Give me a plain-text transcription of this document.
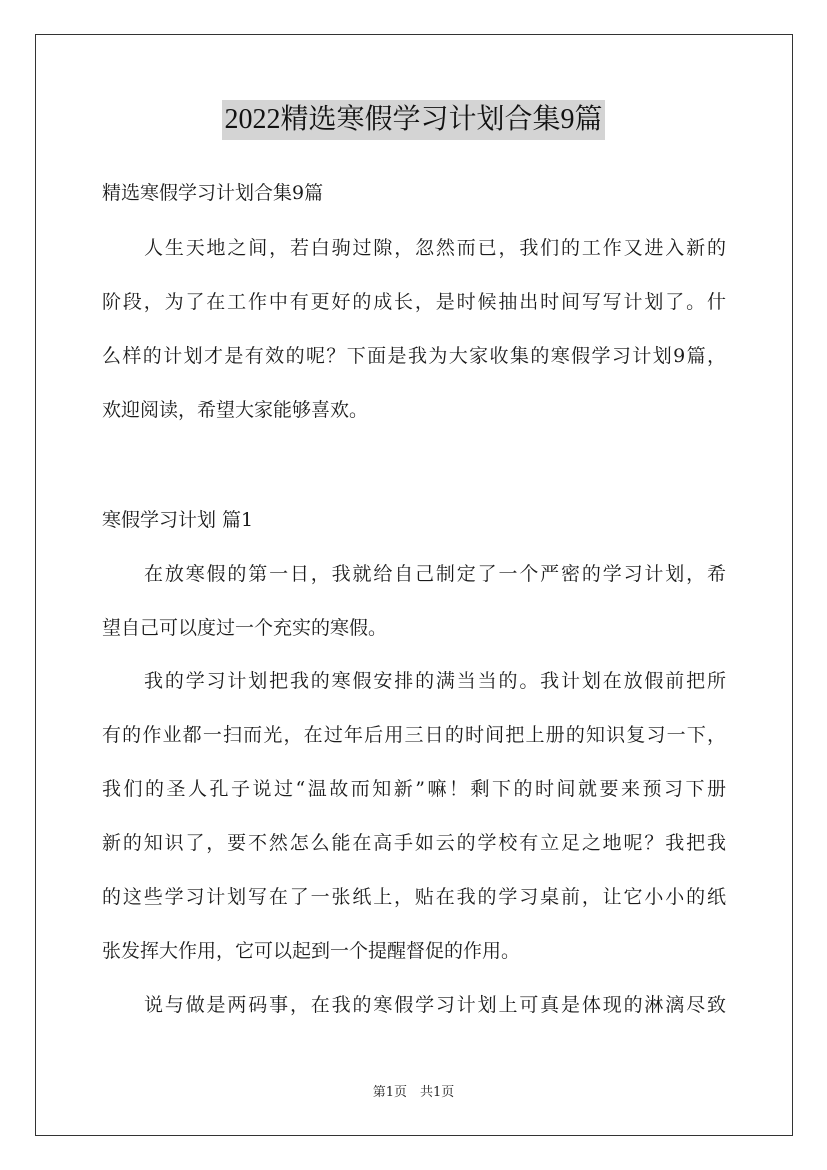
2022精选寒假学习计划合集9篇
精选寒假学习计划合集9篇
人生天地之间，若白驹过隙，忽然而已，我们的工作又进入新的
阶段，为了在工作中有更好的成长，是时候抽出时间写写计划了。什
么样的计划才是有效的呢？下面是我为大家收集的寒假学习计划9篇，
欢迎阅读，希望大家能够喜欢。
寒假学习计划 篇1
在放寒假的第一日，我就给自己制定了一个严密的学习计划，希
望自己可以度过一个充实的寒假。
我的学习计划把我的寒假安排的满当当的。我计划在放假前把所
有的作业都一扫而光，在过年后用三日的时间把上册的知识复习一下，
我们的圣人孔子说过“温故而知新”嘛！剩下的时间就要来预习下册
新的知识了，要不然怎么能在高手如云的学校有立足之地呢？我把我
的这些学习计划写在了一张纸上，贴在我的学习桌前，让它小小的纸
张发挥大作用，它可以起到一个提醒督促的作用。
说与做是两码事，在我的寒假学习计划上可真是体现的淋漓尽致
第1页　共1页
